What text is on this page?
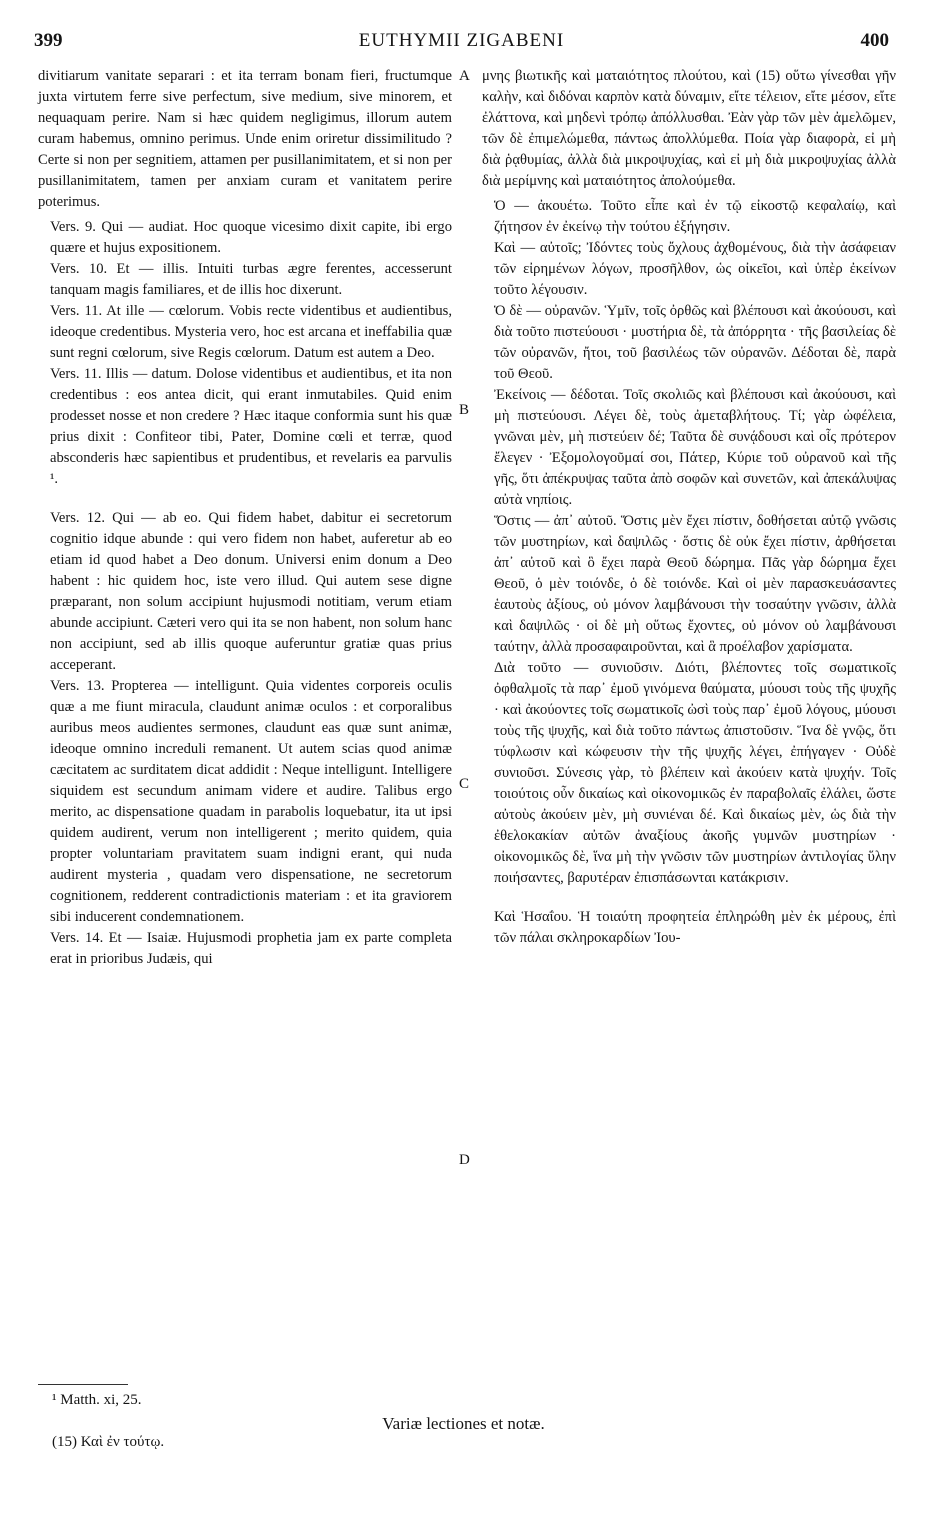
399	EUTHYMII ZIGABENI	400

divitiarum vanitate separari : et ita terram bonam fieri, fructumque juxta virtutem ferre sive perfectum, sive medium, sive minorem, et nequaquam perire. Nam si hæc quidem negligimus, illorum autem curam habemus, omnino perimus. Unde enim oriretur dissimilitudo ? Certe si non per segnitiem, attamen per pusillanimitatem, et si non per pusillanimitatem, tamen per anxiam curam et vanitatem perire poterimus.

Vers. 9. Qui — audiat. Hoc quoque vicesimo dixit capite, ibi ergo quære et hujus expositionem.

Vers. 10. Et — illis. Intuiti turbas ægre ferentes, accesserunt tanquam magis familiares, et de illis hoc dixerunt.

Vers. 11. At ille — cœlorum. Vobis recte videntibus et audientibus, ideoque credentibus. Mysteria vero, hoc est arcana et ineffabilia quæ sunt regni cœlorum, sive Regis cœlorum. Datum est autem a Deo.

Vers. 11. Illis — datum. Dolose videntibus et audientibus, et ita non credentibus : eos antea dicit, qui erant inmutabiles. Quid enim prodesset nosse et non credere ? Hæc itaque conformia sunt his quæ prius dixit : Confiteor tibi, Pater, Domine cœli et terræ, quod absconderis hæc sapientibus et prudentibus, et revelaris ea parvulis ¹.

Vers. 12. Qui — ab eo. Qui fidem habet, dabitur ei secretorum cognitio idque abunde : qui vero fidem non habet, auferetur ab eo etiam id quod habet a Deo donum. Universi enim donum a Deo habent : hic quidem hoc, iste vero illud. Qui autem sese digne præparant, non solum accipiunt hujusmodi notitiam, verum etiam abunde accipiunt. Cæteri vero qui ita se non habent, non solum hanc non accipiunt, sed ab illis quoque auferuntur gratiæ quas prius acceperant.

Vers. 13. Propterea — intelligunt. Quia videntes corporeis oculis quæ a me fiunt miracula, claudunt animæ oculos : et corporalibus auribus meos audientes sermones, claudunt eas quæ sunt animæ, ideoque omnino increduli remanent. Ut autem scias quod animæ cæcitatem ac surditatem dicat addidit : Neque intelligunt. Intelligere siquidem est secundum animam videre et audire. Talibus ergo merito, ac dispensatione quadam in parabolis loquebatur, ita ut ipsi quidem audirent, verum non intelligerent ; merito quidem, quia propter voluntariam pravitatem suam indigni erant, qui nuda audirent mysteria , quadam vero dispensatione, ne secretorum cognitionem, redderent contradictionis materiam : et ita graviorem sibi inducerent condemnationem.

Vers. 14. Et — Isaiæ. Hujusmodi prophetia jam ex parte completa erat in prioribus Judæis, qui

A
B
C
D

μνης βιωτικῆς καὶ ματαιότητος πλούτου, καὶ (15) οὕτω γίνεσθαι γῆν καλὴν, καὶ διδόναι καρπὸν κατὰ δύναμιν, εἴτε τέλειον, εἴτε μέσον, εἴτε ἐλάττονα, καὶ μηδενὶ τρόπῳ ἀπόλλυσθαι. Ἐὰν γὰρ τῶν μὲν ἀμελῶμεν, τῶν δὲ ἐπιμελώμεθα, πάντως ἀπολλύμεθα. Ποία γὰρ διαφορὰ, εἰ μὴ διὰ ῥᾳθυμίας, ἀλλὰ διὰ μικροψυχίας, καὶ εἰ μὴ διὰ μικροψυχίας ἀλλὰ διὰ μερίμνης καὶ ματαιότητος ἀπολούμεθα.

Ὁ — ἀκουέτω. Τοῦτο εἶπε καὶ ἐν τῷ εἰκοστῷ κεφαλαίῳ, καὶ ζήτησον ἐν ἐκείνῳ τὴν τούτου ἐξήγησιν.

Καὶ — αὐτοῖς; Ἰδόντες τοὺς ὄχλους ἀχθομένους, διὰ τὴν ἀσάφειαν τῶν εἰρημένων λόγων, προσῆλθον, ὡς οἰκεῖοι, καὶ ὑπὲρ ἐκείνων τοῦτο λέγουσιν.

Ὁ δὲ — οὐρανῶν. Ὑμῖν, τοῖς ὀρθῶς καὶ βλέπουσι καὶ ἀκούουσι, καὶ διὰ τοῦτο πιστεύουσι · μυστήρια δὲ, τὰ ἀπόρρητα · τῆς βασιλείας δὲ τῶν οὐρανῶν, ἤτοι, τοῦ βασιλέως τῶν οὐρανῶν. Δέδοται δὲ, παρὰ τοῦ Θεοῦ.

Ἐκείνοις — δέδοται. Τοῖς σκολιῶς καὶ βλέπουσι καὶ ἀκούουσι, καὶ μὴ πιστεύουσι. Λέγει δὲ, τοὺς ἀμεταβλήτους. Τί; γὰρ ὠφέλεια, γνῶναι μὲν, μὴ πιστεύειν δέ; Ταῦτα δὲ συνᾴδουσι καὶ οἷς πρότερον ἔλεγεν · Ἐξομολογοῦμαί σοι, Πάτερ, Κύριε τοῦ οὐρανοῦ καὶ τῆς γῆς, ὅτι ἀπέκρυψας ταῦτα ἀπὸ σοφῶν καὶ συνετῶν, καὶ ἀπεκάλυψας αὐτὰ νηπίοις.

Ὅστις — ἀπ᾽ αὐτοῦ. Ὅστις μὲν ἔχει πίστιν, δοθήσεται αὐτῷ γνῶσις τῶν μυστηρίων, καὶ δαψιλῶς · ὅστις δὲ οὐκ ἔχει πίστιν, ἀρθήσεται ἀπ᾽ αὐτοῦ καὶ ὃ ἔχει παρὰ Θεοῦ δώρημα. Πᾶς γὰρ δώρημα ἔχει Θεοῦ, ὁ μὲν τοιόνδε, ὁ δὲ τοιόνδε. Καὶ οἱ μὲν παρασκευάσαντες ἑαυτοὺς ἀξίους, οὐ μόνον λαμβάνουσι τὴν τοσαύτην γνῶσιν, ἀλλὰ καὶ δαψιλῶς · οἱ δὲ μὴ οὕτως ἔχοντες, οὐ μόνον οὐ λαμβάνουσι ταύτην, ἀλλὰ προσαφαιροῦνται, καὶ ἃ προέλαβον χαρίσματα.

Διὰ τοῦτο — συνιοῦσιν. Διότι, βλέποντες τοῖς σωματικοῖς ὀφθαλμοῖς τὰ παρ᾽ ἐμοῦ γινόμενα θαύματα, μύουσι τοὺς τῆς ψυχῆς · καὶ ἀκούοντες τοῖς σωματικοῖς ὠσὶ τοὺς παρ᾽ ἐμοῦ λόγους, μύουσι τοὺς τῆς ψυχῆς, καὶ διὰ τοῦτο πάντως ἀπιστοῦσιν. Ἵνα δὲ γνῷς, ὅτι τύφλωσιν καὶ κώφευσιν τὴν τῆς ψυχῆς λέγει, ἐπήγαγεν · Οὐδὲ συνιοῦσι. Σύνεσις γὰρ, τὸ βλέπειν καὶ ἀκούειν κατὰ ψυχήν. Τοῖς τοιούτοις οὖν δικαίως καὶ οἰκονομικῶς ἐν παραβολαῖς ἐλάλει, ὥστε αὐτοὺς ἀκούειν μὲν, μὴ συνιέναι δέ. Καὶ δικαίως μὲν, ὡς διὰ τὴν ἐθελοκακίαν αὐτῶν ἀναξίους ἀκοῆς γυμνῶν μυστηρίων · οἰκονομικῶς δὲ, ἵνα μὴ τὴν γνῶσιν τῶν μυστηρίων ἀντιλογίας ὕλην ποιήσαντες, βαρυτέραν ἐπισπάσωνται κατάκρισιν.

Καὶ Ἡσαΐου. Ἡ τοιαύτη προφητεία ἐπληρώθη μὲν ἐκ μέρους, ἐπὶ τῶν πάλαι σκληροκαρδίων Ἰου-

¹ Matth. xi, 25.
Variæ lectiones et notæ.
(15) Καὶ ἐν τούτῳ.
